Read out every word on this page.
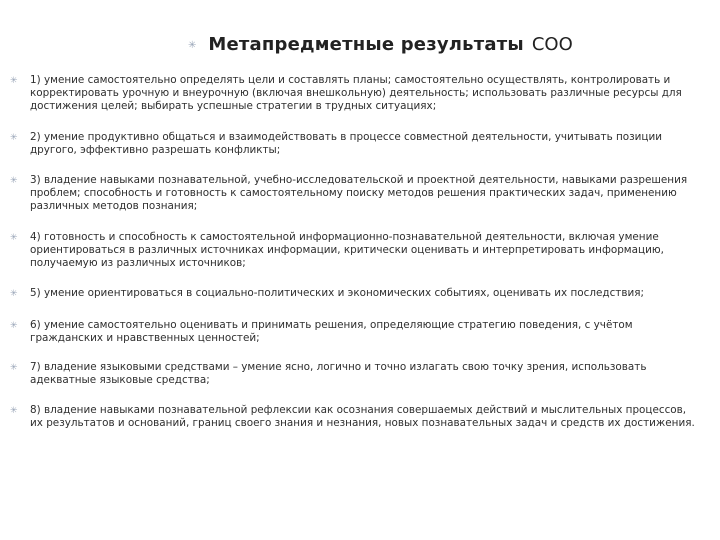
✳ Метапредметные результаты СОО
✳	1) умение самостоятельно определять цели и составлять планы; самостоятельно осуществлять, контролировать и корректировать урочную и внеурочную (включая внешкольную) деятельность; использовать различные ресурсы для достижения целей; выбирать успешные стратегии в трудных ситуациях;
✳	2) умение продуктивно общаться и взаимодействовать в процессе совместной деятельности, учитывать позиции другого, эффективно разрешать конфликты;
✳	3) владение навыками познавательной, учебно-исследовательской и проектной деятельности, навыками разрешения проблем; способность и готовность к самостоятельному поиску методов решения практических задач, применению различных методов познания;
✳	4) готовность и способность к самостоятельной информационно-познавательной деятельности, включая умение ориентироваться в различных источниках информации, критически оценивать и интерпретировать информацию, получаемую из различных источников;
✳	5) умение ориентироваться в социально-политических и экономических событиях, оценивать их последствия;
✳	6) умение самостоятельно оценивать и принимать решения, определяющие стратегию поведения, с учётом гражданских и нравственных ценностей;
✳	7) владение языковыми средствами – умение ясно, логично и точно излагать свою точку зрения, использовать адекватные языковые средства;
✳	8) владение навыками познавательной рефлексии как осознания совершаемых действий и мыслительных процессов, их результатов и оснований, границ своего знания и незнания, новых познавательных задач и средств их достижения.
